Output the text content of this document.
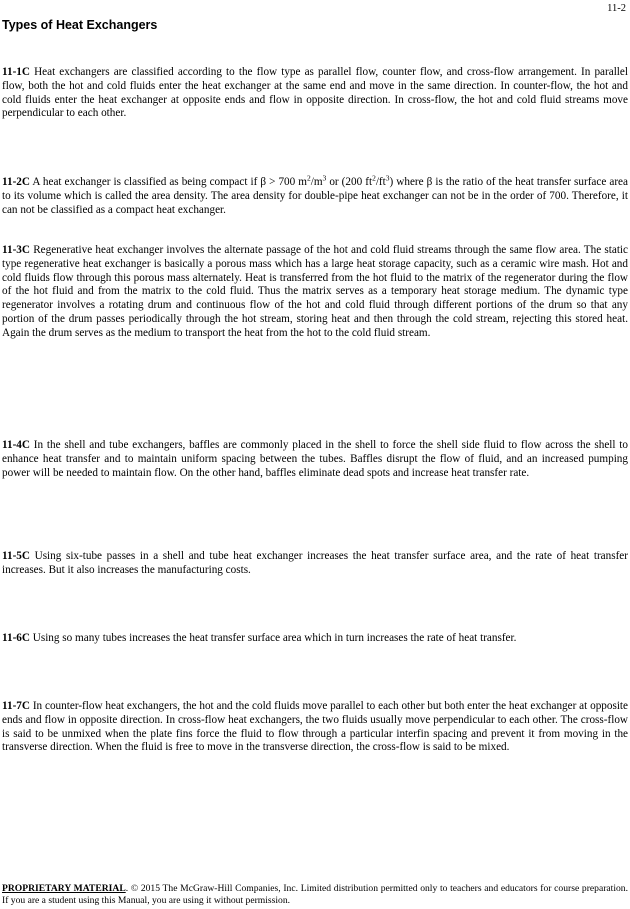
11-2
Types of Heat Exchangers

11-1C Heat exchangers are classified according to the flow type as parallel flow, counter flow, and cross-flow arrangement. In parallel flow, both the hot and cold fluids enter the heat exchanger at the same end and move in the same direction. In counter-flow, the hot and cold fluids enter the heat exchanger at opposite ends and flow in opposite direction. In cross-flow, the hot and cold fluid streams move perpendicular to each other.

11-2C A heat exchanger is classified as being compact if β > 700 $m^2/m^3$ or (200 $ft^2/ft^3$) where β is the ratio of the heat transfer surface area to its volume which is called the area density. The area density for double-pipe heat exchanger can not be in the order of 700. Therefore, it can not be classified as a compact heat exchanger.

11-3C Regenerative heat exchanger involves the alternate passage of the hot and cold fluid streams through the same flow area. The static type regenerative heat exchanger is basically a porous mass which has a large heat storage capacity, such as a ceramic wire mash. Hot and cold fluids flow through this porous mass alternately. Heat is transferred from the hot fluid to the matrix of the regenerator during the flow of the hot fluid and from the matrix to the cold fluid. Thus the matrix serves as a temporary heat storage medium. The dynamic type regenerator involves a rotating drum and continuous flow of the hot and cold fluid through different portions of the drum so that any portion of the drum passes periodically through the hot stream, storing heat and then through the cold stream, rejecting this stored heat. Again the drum serves as the medium to transport the heat from the hot to the cold fluid stream.

11-4C In the shell and tube exchangers, baffles are commonly placed in the shell to force the shell side fluid to flow across the shell to enhance heat transfer and to maintain uniform spacing between the tubes. Baffles disrupt the flow of fluid, and an increased pumping power will be needed to maintain flow. On the other hand, baffles eliminate dead spots and increase heat transfer rate.

11-5C Using six-tube passes in a shell and tube heat exchanger increases the heat transfer surface area, and the rate of heat transfer increases. But it also increases the manufacturing costs.

11-6C Using so many tubes increases the heat transfer surface area which in turn increases the rate of heat transfer.

11-7C In counter-flow heat exchangers, the hot and the cold fluids move parallel to each other but both enter the heat exchanger at opposite ends and flow in opposite direction. In cross-flow heat exchangers, the two fluids usually move perpendicular to each other. The cross-flow is said to be unmixed when the plate fins force the fluid to flow through a particular interfin spacing and prevent it from moving in the transverse direction. When the fluid is free to move in the transverse direction, the cross-flow is said to be mixed.

PROPRIETARY MATERIAL. © 2015 The McGraw-Hill Companies, Inc. Limited distribution permitted only to teachers and educators for course preparation. If you are a student using this Manual, you are using it without permission.
